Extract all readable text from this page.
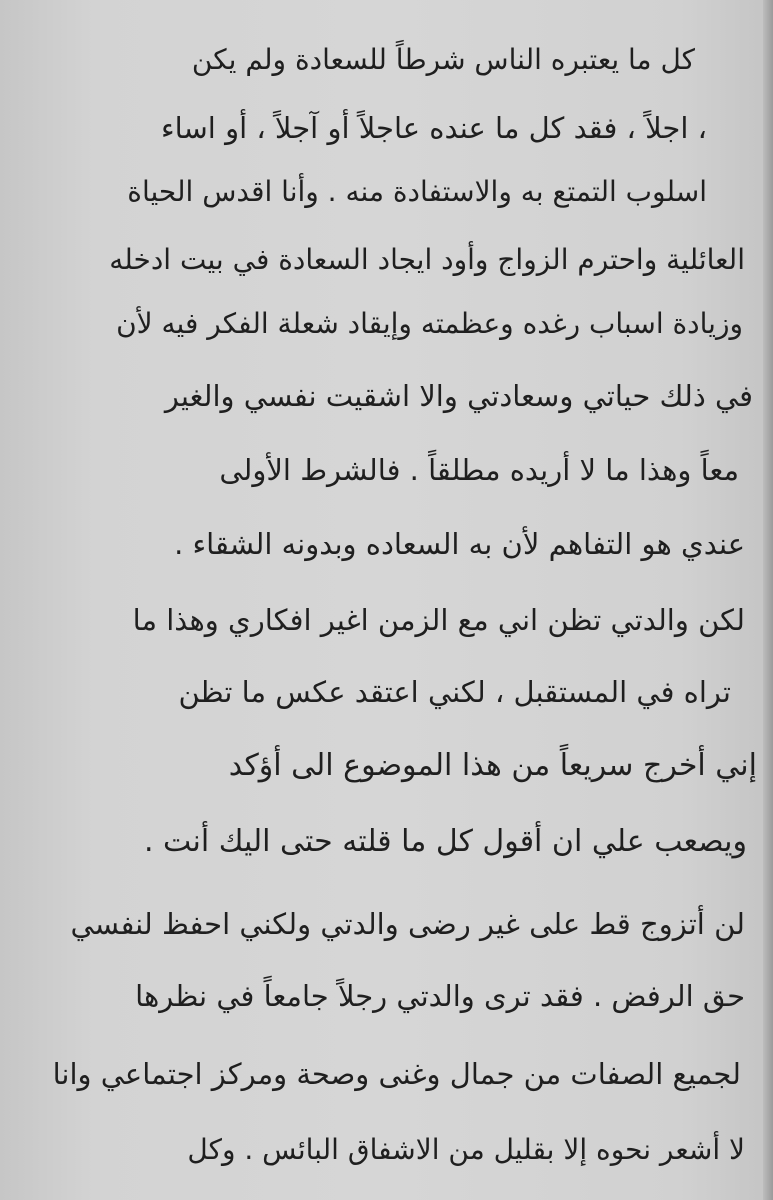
كل ما يعتبره الناس شرطاً للسعادة ولم يكن
، اجلاً ، فقد كل ما عنده عاجلاً أو آجلاً ، أو اساء
اسلوب التمتع به والاستفادة منه . وأنا اقدس الحياة
العائلية واحترم الزواج وأود ايجاد السعادة في بيت ادخله
وزيادة اسباب رغده وعظمته وإيقاد شعلة الفكر فيه لأن
في ذلك حياتي وسعادتي والا اشقيت نفسي والغير
معاً وهذا ما لا أريده مطلقاً . فالشرط الأولى
عندي هو التفاهم لأن به السعاده وبدونه الشقاء .
لكن والدتي تظن اني مع الزمن اغير افكاري وهذا ما
تراه في المستقبل ، لكني اعتقد عكس ما تظن
إني أخرج سريعاً من هذا الموضوع الى أؤكد
ويصعب علي ان أقول كل ما قلته حتى اليك أنت .
لن أتزوج قط على غير رضى والدتي ولكني احفظ لنفسي
حق الرفض . فقد ترى والدتي رجلاً جامعاً في نظرها
لجميع الصفات من جمال وغنى وصحة ومركز اجتماعي وانا
لا أشعر نحوه إلا بقليل من الاشفاق البائس . وكل
